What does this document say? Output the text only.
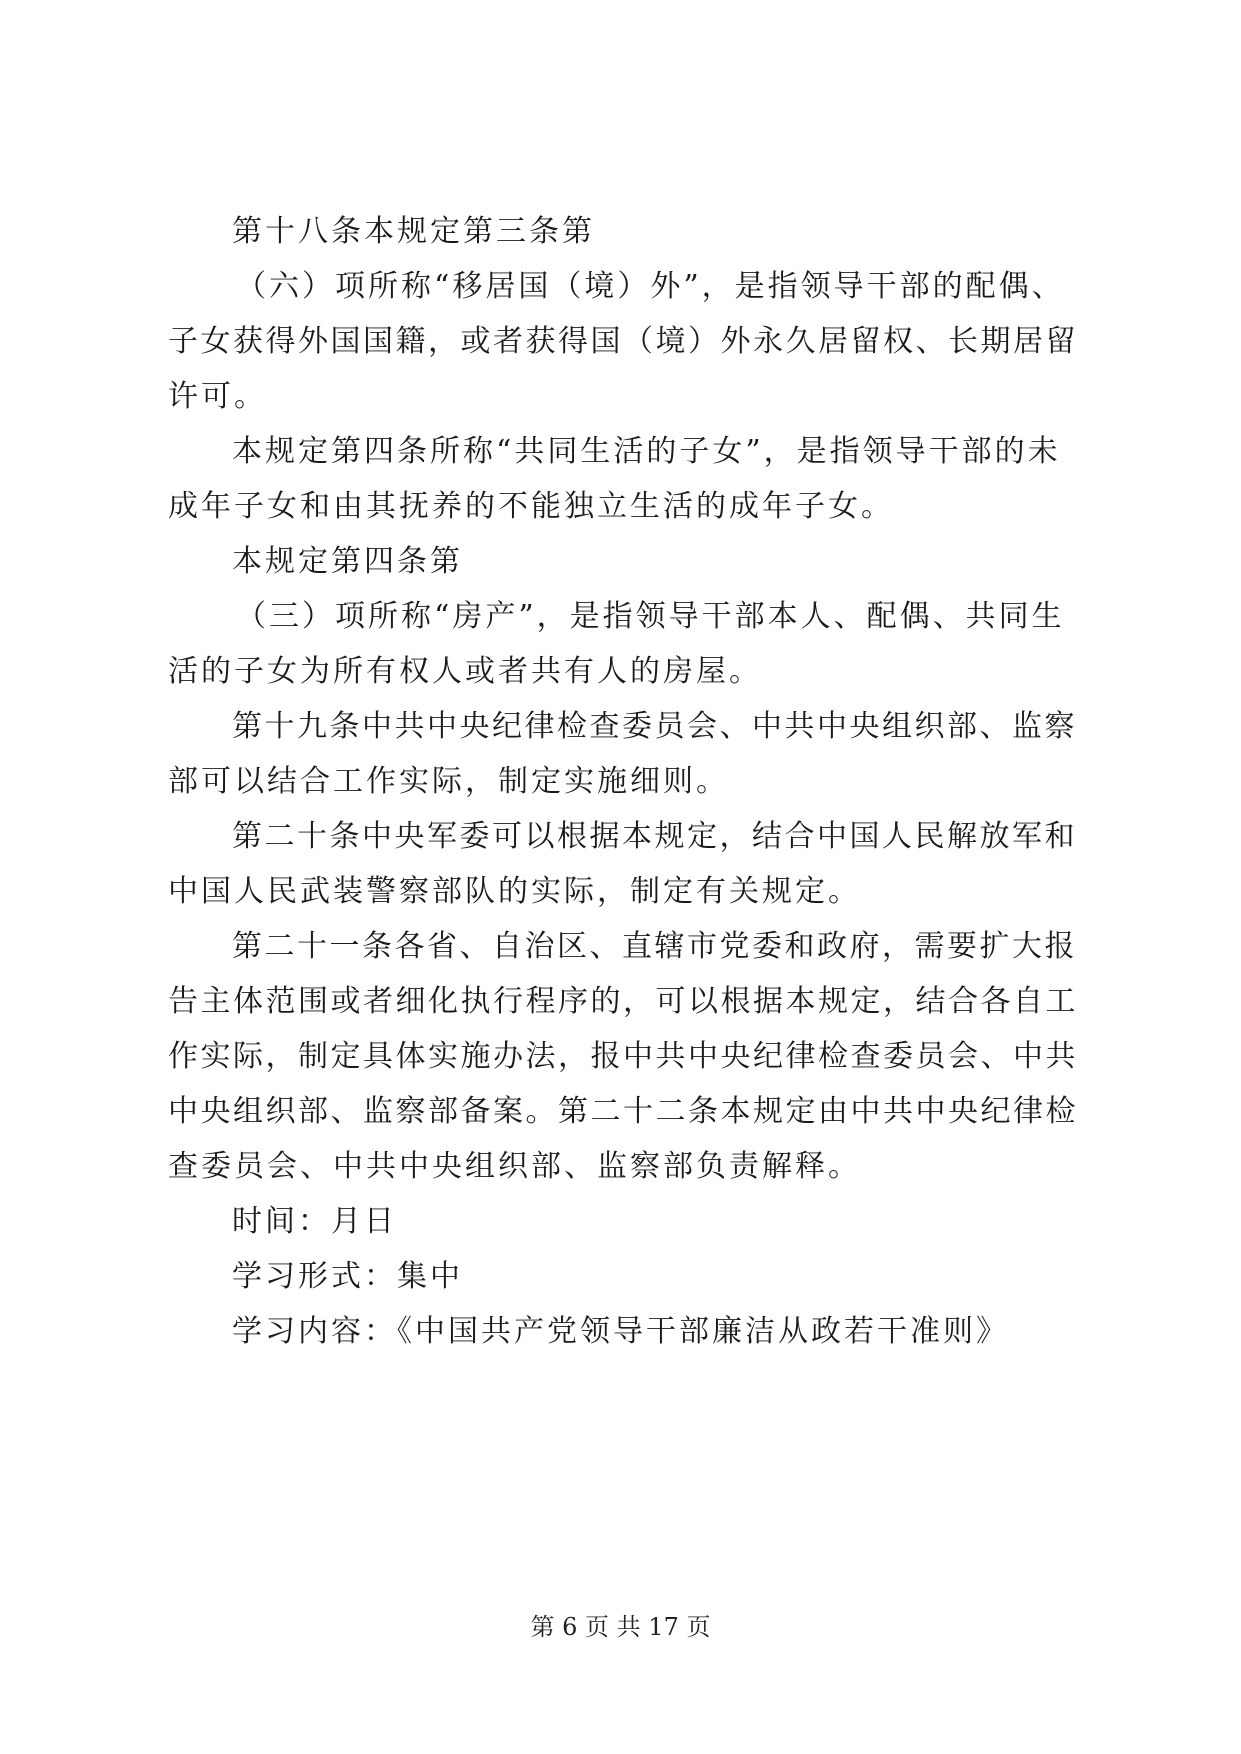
第十八条本规定第三条第
（六）项所称“移居国（境）外”，是指领导干部的配偶、
子女获得外国国籍，或者获得国（境）外永久居留权、长期居留
许可。
本规定第四条所称“共同生活的子女”，是指领导干部的未
成年子女和由其抚养的不能独立生活的成年子女。
本规定第四条第
（三）项所称“房产”，是指领导干部本人、配偶、共同生
活的子女为所有权人或者共有人的房屋。
第十九条中共中央纪律检查委员会、中共中央组织部、监察
部可以结合工作实际，制定实施细则。
第二十条中央军委可以根据本规定，结合中国人民解放军和
中国人民武装警察部队的实际，制定有关规定。
第二十一条各省、自治区、直辖市党委和政府，需要扩大报
告主体范围或者细化执行程序的，可以根据本规定，结合各自工
作实际，制定具体实施办法，报中共中央纪律检查委员会、中共
中央组织部、监察部备案。第二十二条本规定由中共中央纪律检
查委员会、中共中央组织部、监察部负责解释。
时间：月日
学习形式：集中
学习内容：《中国共产党领导干部廉洁从政若干准则》
第 6 页 共 17 页
